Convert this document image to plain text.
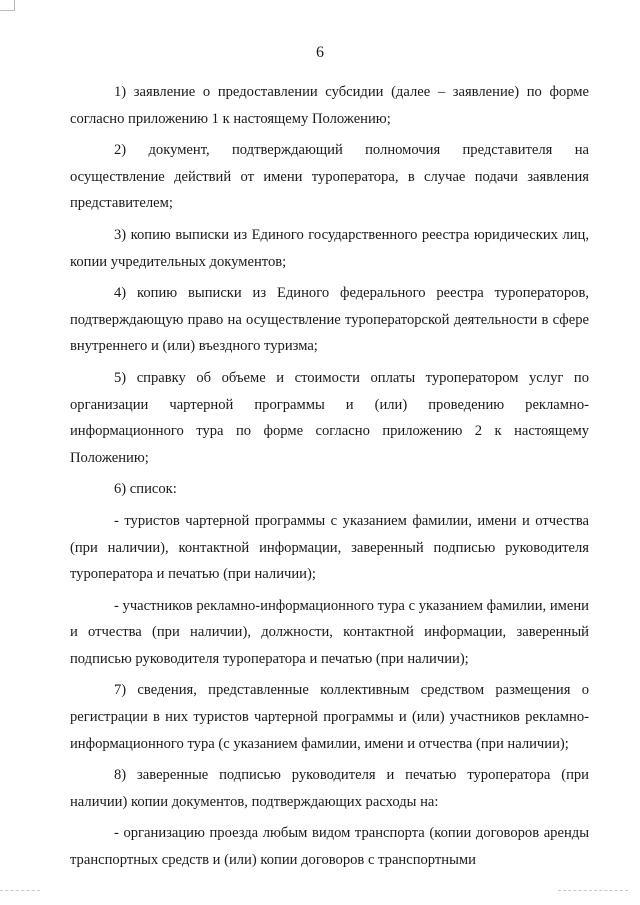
6

1) заявление о предоставлении субсидии (далее – заявление) по форме согласно приложению 1 к настоящему Положению;

2) документ, подтверждающий полномочия представителя на осуществление действий от имени туроператора, в случае подачи заявления представителем;

3) копию выписки из Единого государственного реестра юридических лиц, копии учредительных документов;

4) копию выписки из Единого федерального реестра туроператоров, подтверждающую право на осуществление туроператорской деятельности в сфере внутреннего и (или) въездного туризма;

5) справку об объеме и стоимости оплаты туроператором услуг по организации чартерной программы и (или) проведению рекламно-информационного тура по форме согласно приложению 2 к настоящему Положению;

6) список:

- туристов чартерной программы с указанием фамилии, имени и отчества (при наличии), контактной информации, заверенный подписью руководителя туроператора и печатью (при наличии);

- участников рекламно-информационного тура с указанием фамилии, имени и отчества (при наличии), должности, контактной информации, заверенный подписью руководителя туроператора и печатью (при наличии);

7) сведения, представленные коллективным средством размещения о регистрации в них туристов чартерной программы и (или) участников рекламно-информационного тура (с указанием фамилии, имени и отчества (при наличии);

8) заверенные подписью руководителя и печатью туроператора (при наличии) копии документов, подтверждающих расходы на:

- организацию проезда любым видом транспорта (копии договоров аренды транспортных средств и (или) копии договоров с транспортными
